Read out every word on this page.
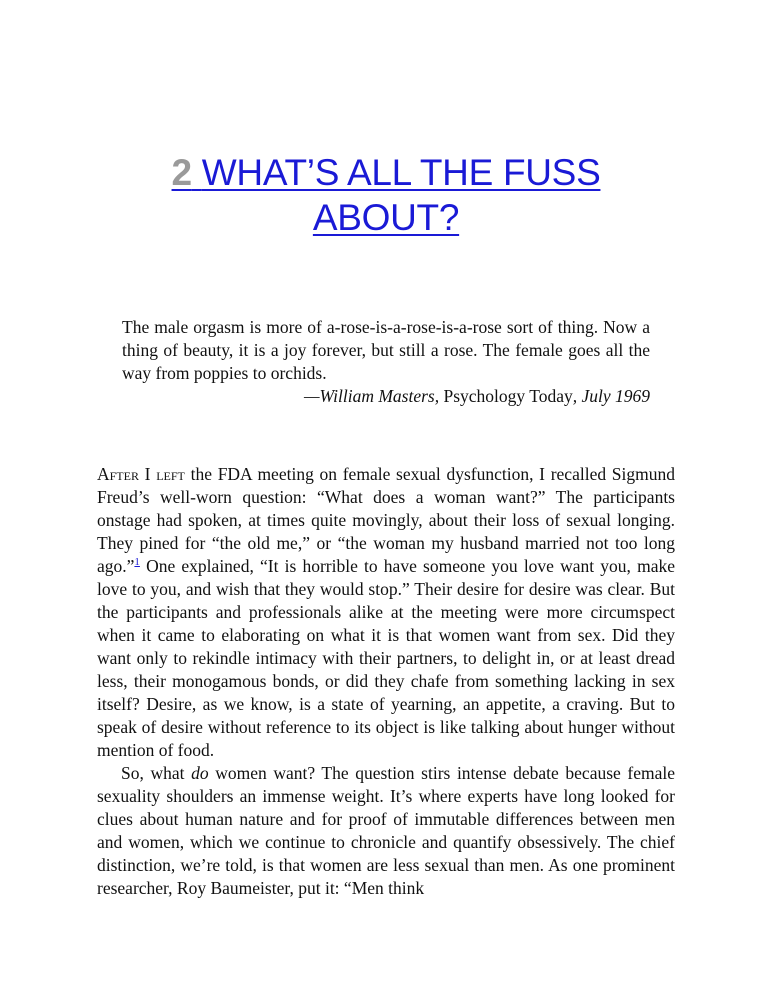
2 WHAT’S ALL THE FUSS
ABOUT?

The male orgasm is more of a-rose-is-a-rose-is-a-rose sort of thing. Now a thing of beauty, it is a joy forever, but still a rose. The female goes all the way from poppies to orchids.

—William Masters, Psychology Today, July 1969

After I left the FDA meeting on female sexual dysfunction, I recalled Sigmund Freud’s well-worn question: “What does a woman want?” The participants onstage had spoken, at times quite movingly, about their loss of sexual longing. They pined for “the old me,” or “the woman my husband married not too long ago.”$^1$ One explained, “It is horrible to have someone you love want you, make love to you, and wish that they would stop.” Their desire for desire was clear. But the participants and professionals alike at the meeting were more circumspect when it came to elaborating on what it is that women want from sex. Did they want only to rekindle intimacy with their partners, to delight in, or at least dread less, their monogamous bonds, or did they chafe from something lacking in sex itself? Desire, as we know, is a state of yearning, an appetite, a craving. But to speak of desire without reference to its object is like talking about hunger without mention of food.

So, what do women want? The question stirs intense debate because female sexuality shoulders an immense weight. It’s where experts have long looked for clues about human nature and for proof of immutable differences between men and women, which we continue to chronicle and quantify obsessively. The chief distinction, we’re told, is that women are less sexual than men. As one prominent researcher, Roy Baumeister, put it: “Men think
